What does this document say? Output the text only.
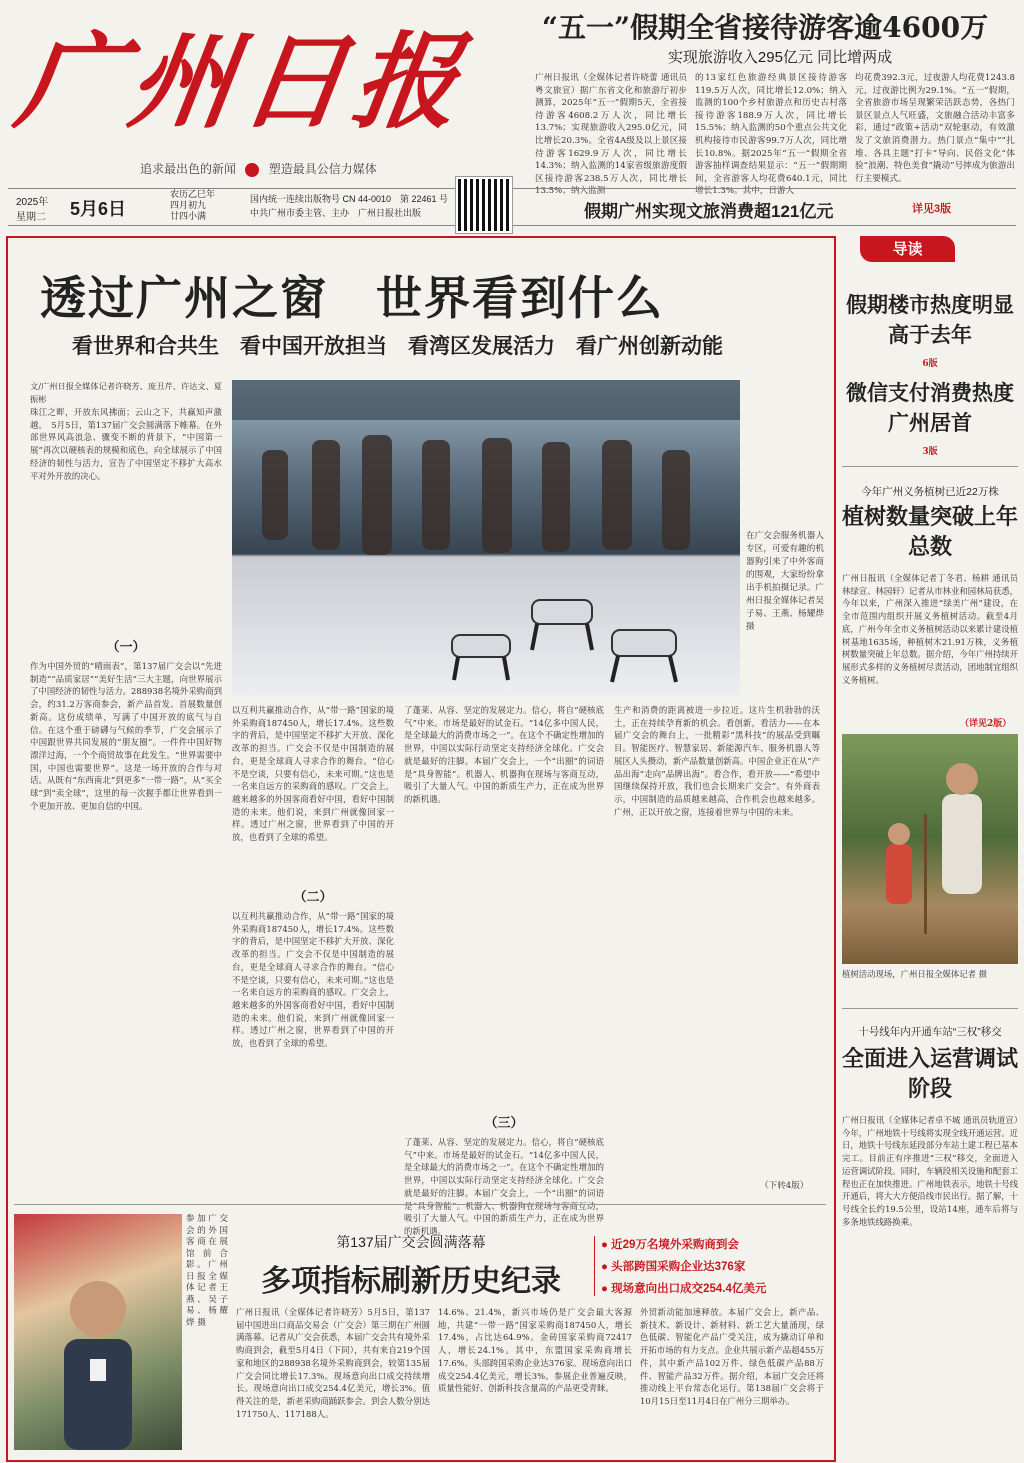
广州日报
追求最出色的新闻	塑造最具公信力媒体
“五一”假期全省接待游客逾4600万
实现旅游收入295亿元 同比增两成
广州日报讯（全媒体记者许晓蕾 通讯员粤文旅宣）据广东省文化和旅游厅初步测算，2025年“五一”假期5天，全省接待游客4608.2万人次，同比增长13.7%；实现旅游收入295.0亿元，同比增长20.3%。全省4A级及以上景区接待游客1629.9万人次，同比增长14.3%；纳入监测的14家省级旅游度假区接待游客238.5万人次，同比增长13.5%；纳入监测
的13家红色旅游经典景区接待游客119.5万人次，同比增长12.0%；纳入监测的100个乡村旅游点和历史古村落接待游客188.9万人次，同比增长15.5%；纳入监测的50个重点公共文化机构接待市民游客99.7万人次，同比增长10.8%。据2025年“五一”假期全省游客抽样调查结果显示：“五一”假期期间，全省游客人均花费640.1元，同比增长1.3%。其中，日游人
均花费392.3元，过夜游人均花费1243.8元，过夜游比例为29.1%。“五一”假期，全省旅游市场呈现繁荣活跃态势，各热门景区景点人气旺盛，文旅融合活动丰富多彩，通过“政策+活动”双轮驱动，有效激发了文旅消费潜力。热门景点“集中”“扎堆、各具主题”打卡”导向、民俗文化“体验”浪潮、特色美食“撬动”号摔成为旅游出行主要模式。
2025年
星期二 5月6日
农历乙巳年
四月初九
廿四小满
国内统一连续出版物号 CN 44-0010　第 22461 号
中共广州市委主管、主办　广州日报社出版	假期广州实现文旅消费超121亿元	详见3版
透过广州之窗　世界看到什么
看世界和合共生　看中国开放担当　看湾区发展活力　看广州创新动能
文/广州日报全媒体记者许晓芳、庞丑芹、许达文、夏振彬
珠江之畔，开放东风拂面；云山之下，共赢知声激越。　5月5日，第137届广交会圆满落下帷幕。在外部世界风高浪急、骤变不断的背景下，“中国第一展”再次以硬核表的规模和底色，向全球展示了中国经济的韧性与活力，宣告了中国坚定不移扩大高水平对外开放的决心。
（一）
作为中国外贸的“晴雨表”，第137届广交会以“先进制造”“品质家居”“美好生活”三大主题，向世界展示了中国经济的韧性与活力。288938名境外采购商到会，约31.2万客商参会，新产品首发、首展数量创新高。这份成绩单，写满了中国开放的底气与自信。在这个重于磅礴与气候的季节，广交会展示了中国跟世界共同发展的“朋友圈”。一件件中国好物漂洋过海，一个个商贸故事在此发生。“世界需要中国，中国也需要世界”。这是一场开放的合作与对话。从既有“东西南北”到更多“一带一路”，从“买全球”到“卖全球”，这里的每一次握手都让世界看到一个更加开放、更加自信的中国。
在广交会服务机器人专区，可爱有趣的机器狗引来了中外客商的围观，大家纷纷拿出手机拍摄记录。广州日报全媒体记者吴子易、王燕、杨耀烨 摄
以互利共赢推动合作，从“带一路”国家的境外采购商187450人，增长17.4%。这些数字的背后，是中国坚定不移扩大开放、深化改革的担当。广交会不仅是中国制造的展台，更是全球商人寻求合作的舞台。“信心不是空谈，只要有信心，未来可期。”这也是一名来自远方的采购商的感叹。广交会上，越来越多的外国客商看好中国，看好中国制造的未来。他们说，来到广州就像回家一样。透过广州之窗，世界看到了中国的开放，也看到了全球的希望。
（二）
以互利共赢推动合作，从“带一路”国家的境外采购商187450人，增长17.4%。这些数字的背后，是中国坚定不移扩大开放、深化改革的担当。广交会不仅是中国制造的展台，更是全球商人寻求合作的舞台。“信心不是空谈，只要有信心，未来可期。”这也是一名来自远方的采购商的感叹。广交会上，越来越多的外国客商看好中国，看好中国制造的未来。他们说，来到广州就像回家一样。透过广州之窗，世界看到了中国的开放，也看到了全球的希望。
了蓬莱、从容、坚定的发展定力。信心，将自“硬核底气”中来。市场是最好的试金石。“14亿多中国人民，是全球最大的消费市场之一”。在这个不确定性增加的世界，中国以实际行动坚定支持经济全球化。广交会就是最好的注脚。本届广交会上，一个“出圈”的词语是“具身智能”。机器人、机器狗在现场与客商互动，吸引了大量人气。中国的新质生产力，正在成为世界的新机遇。
（三）
了蓬莱、从容、坚定的发展定力。信心，将自“硬核底气”中来。市场是最好的试金石。“14亿多中国人民，是全球最大的消费市场之一”。在这个不确定性增加的世界，中国以实际行动坚定支持经济全球化。广交会就是最好的注脚。本届广交会上，一个“出圈”的词语是“具身智能”。机器人、机器狗在现场与客商互动，吸引了大量人气。中国的新质生产力，正在成为世界的新机遇。
生产和消费的距离被进一步拉近。这片生机勃勃的沃土，正在持续孕育新的机会。看创新，看活力——在本届广交会的舞台上，一批精彩“黑科技”的展品受到瞩目。智能医疗、智慧家居、新能源汽车、服务机器人等展区人头攒动，新产品数量创新高。中国企业正在从“产品出海”走向“品牌出海”。看合作，看开放——“希望中国继续保持开放，我们也会长期来广交会”。有外商表示，中国制造的品质越来越高，合作机会也越来越多。广州，正以开放之窗，连接着世界与中国的未来。
（下转4版）
参加广交会的外国客商在展馆前合影。广州日报全媒体记者王燕、吴子易、杨耀烨 摄
第137届广交会圆满落幕
多项指标刷新历史纪录
● 近29万名境外采购商到会
● 头部跨国采购企业达376家
● 现场意向出口成交254.4亿美元
广州日报讯（全媒体记者许晓芳）5月5日，第137届中国进出口商品交易会（广交会）第三期在广州圆满落幕。记者从广交会获悉，本届广交会共有境外采购商到会，截至5月4日（下同），共有来自219个国家和地区的288938名境外采购商到会，较第135届广交会同比增长17.3%。现场意向出口成交持续增长。现场意向出口成交254.4亿美元，增长3%。值得关注的是，新老采购商踊跃参会。到会人数分别达171750人、117188人。
14.6%、21.4%，新兴市场仍是广交会最大客源地，共建“一带一路”国家采购商187450人，增长17.4%，占比达64.9%。金砖国家采购商72417人，增长24.1%。其中，东盟国家采购商增长17.6%。头部跨国采购企业达376家。现场意向出口成交254.4亿美元，增长3%。参展企业普遍反映，质量性能好、创新科技含量高的产品更受青睐。
外贸新动能加速释放。本届广交会上，新产品、新技术、新设计、新材料、新工艺大量涌现，绿色低碳、智能化产品广受关注，成为撬动订单和开拓市场的有力支点。企业共展示新产品超455万件，其中新产品102万件、绿色低碳产品88万件、智能产品32万件。据介绍，本届广交会还将推动线上平台常态化运行。第138届广交会将于10月15日至11月4日在广州分三期举办。
导读
假期楼市热度明显高于去年
6版
微信支付消费热度广州居首
3版
今年广州义务植树已近22万株
植树数量突破上年总数
广州日报讯（全媒体记者丁冬君、杨耕 通讯员林绿宣、林园轩）记者从市林业和园林局获悉，今年以来，广州深入推进“绿美广州”建设，在全市范围内组织开展义务植树活动。截至4月底，广州今年全市义务植树活动以来累计建设植树基地1635场，种植树木21.91万株，义务植树数量突破上年总数。据介绍，今年广州持续开展形式多样的义务植树尽责活动，团地制宜组织义务植树。
（详见2版）
植树活动现场，广州日报全媒体记者 摄
十号线年内开通车站“三权”移交
全面进入运营调试阶段
广州日报讯（全媒体记者卓不城 通讯员轨道宣）今年，广州地铁十号线将实现全线开通运营。近日，地铁十号线东延段部分车站土建工程已基本完工。目前正有序推进“三权”移交，全面进入运营调试阶段。同时，车辆段相关设施和配套工程也正在加快推进。广州地铁表示，地铁十号线开通后，将大大方便沿线市民出行。据了解，十号线全长约19.5公里，设站14座，通车后将与多条地铁线路换乘。
